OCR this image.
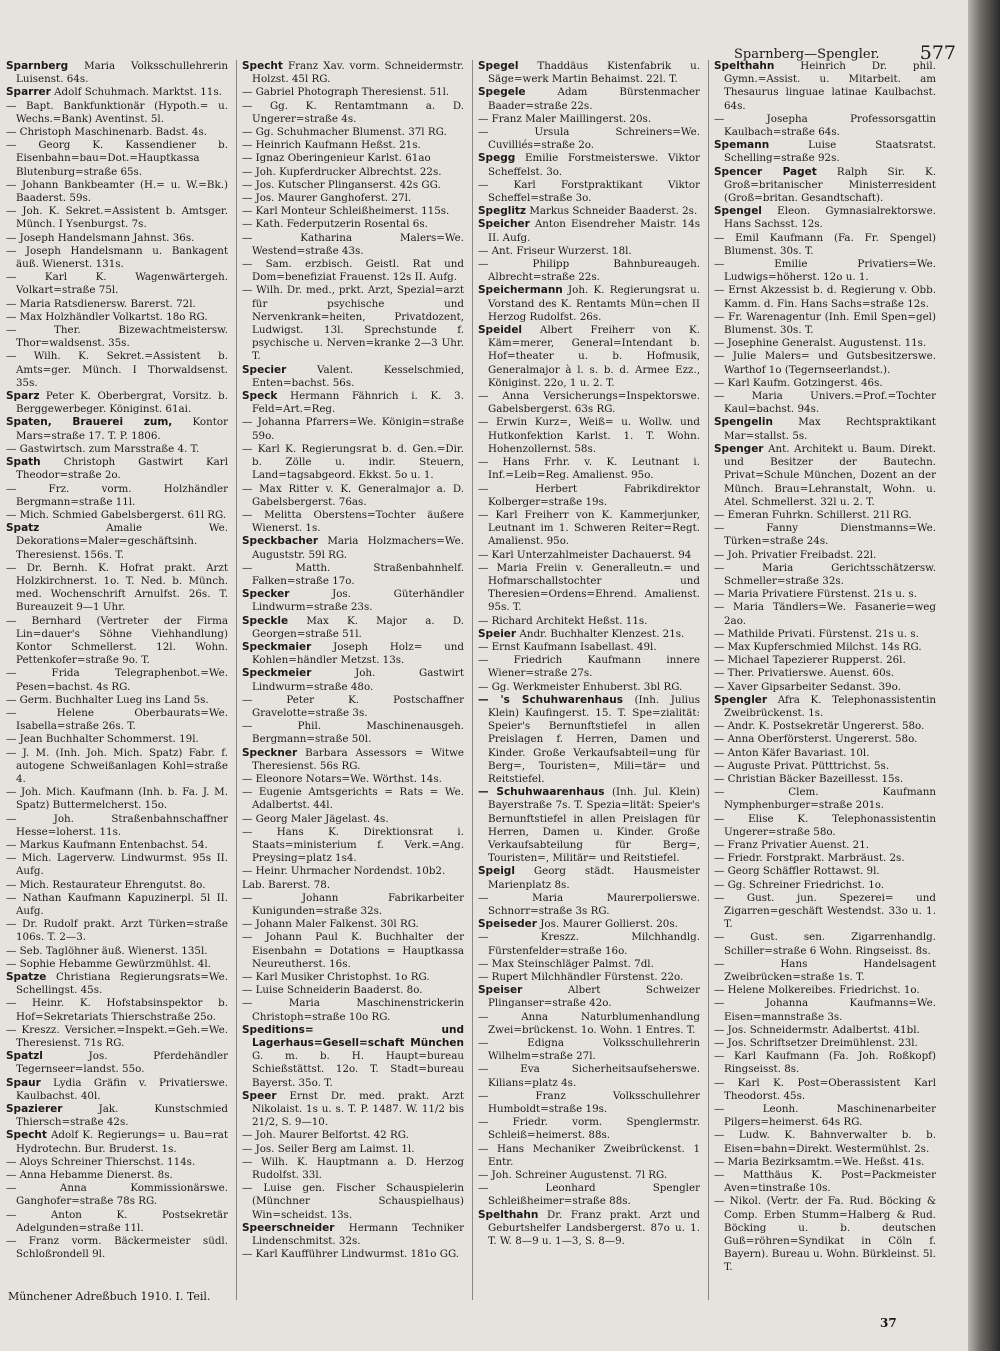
Sparnberg—Spengler. 577

Sparnberg Maria Volksschullehrerin Luisenst. 64s.

Sparrer Adolf Schuhmach. Marktst. 11s.

— Bapt. Bankfunktionär (Hypoth.= u. Wechs.=Bank) Aventinst. 5l.

— Christoph Maschinenarb. Badst. 4s.

— Georg K. Kassendiener b. Eisenbahn=bau=Dot.=Hauptkassa Blutenburg=straße 65s.

— Johann Bankbeamter (H.= u. W.=Bk.) Baaderst. 59s.

— Joh. K. Sekret.=Assistent b. Amtsger. Münch. I Ysenburgst. 7s.

— Joseph Handelsmann Jahnst. 36s.

— Joseph Handelsmann u. Bankagent äuß. Wienerst. 131s.

— Karl K. Wagenwärtergeh. Volkart=straße 75l.

— Maria Ratsdienersw. Barerst. 72l.

— Max Holzhändler Volkartst. 18o RG.

— Ther. Bizewachtmeistersw. Thor=waldsenst. 35s.

— Wilh. K. Sekret.=Assistent b. Amts=ger. Münch. I Thorwaldsenst. 35s.

Sparz Peter K. Oberbergrat, Vorsitz. b. Berggewerbeger. Königinst. 61ai.

Spaten, Brauerei zum, Kontor Mars=straße 17. T. P. 1806.

— Gastwirtsch. zum Marsstraße 4. T.

Spath Christoph Gastwirt Karl Theodor=straße 2o.

— Frz. vorm. Holzhändler Bergmann=straße 11l.

— Mich. Schmied Gabelsbergerst. 61l RG.

Spatz	Amalie We. Dekorations=Maler=geschäftsinh. Theresienst. 156s. T.

— Dr. Bernh. K. Hofrat prakt. Arzt Holzkirchnerst. 1o. T. Ned. b. Münch. med. Wochenschrift Arnulfst. 26s. T. Bureauzeit 9—1 Uhr.

— Bernhard (Vertreter der Firma Lin=dauer's Söhne Viehhandlung) Kontor Schmellerst. 12l. Wohn. Pettenkofer=straße 9o. T.

— Frida Telegraphenbot.=We. Pesen=bachst. 4s RG.

— Germ. Buchhalter Lueg ins Land 5s.

— Helene Oberbaurats=We. Isabella=straße 26s. T.

— Jean Buchhalter Schommerst. 19l.

— J. M. (Inh. Joh. Mich. Spatz) Fabr. f. autogene Schweißanlagen Kohl=straße 4.

— Joh. Mich. Kaufmann (Inh. b. Fa. J. M. Spatz) Buttermelcherst. 15o.

— Joh. Straßenbahnschaffner Hesse=loherst. 11s.

— Markus Kaufmann Entenbachst. 54.

— Mich. Lagerverw. Lindwurmst. 95s II. Aufg.

— Mich. Restaurateur Ehrengutst. 8o.

— Nathan Kaufmann Kapuzinerpl. 5l II. Aufg.

— Dr. Rudolf prakt. Arzt Türken=straße 106s. T. 2—3.

— Seb. Taglöhner äuß. Wienerst. 135l.

— Sophie Hebamme Gewürzmühlst. 4l.

Spatze Christiana Regierungsrats=We. Schellingst. 45s.

— Heinr. K. Hofstabsinspektor b. Hof=Sekretariats Thierschstraße 25o.

— Kreszz. Versicher.=Inspekt.=Geh.=We. Theresienst. 71s RG.

Spatzl	Jos. Pferdehändler Tegernseer=landst. 55o.

Spaur Lydia Gräfin v. Privatierswe. Kaulbachst. 40l.

Spazierer	Jak. Kunstschmied Thiersch=straße 42s.

Specht Adolf K. Regierungs= u. Bau=rat Hydrotechn. Bur. Bruderst. 1s.

— Aloys Schreiner Thierschst. 114s.

— Anna Hebamme Dienerst. 8s.

— Anna Kommissionärswe. Ganghofer=straße 78s RG.

— Anton K. Postsekretär Adelgunden=straße 11l.

— Franz vorm. Bäckermeister südl. Schloßrondell 9l.

Specht Franz Xav. vorm. Schneidermstr. Holzst. 45l RG.

— Gabriel Photograph Theresienst. 51l.

— Gg. K. Rentamtmann a. D. Ungerer=straße 4s.

— Gg. Schuhmacher Blumenst. 37l RG.

— Heinrich Kaufmann Heßst. 21s.

— Ignaz Oberingenieur Karlst. 61ao

— Joh. Kupferdrucker Albrechtst. 22s.

— Jos. Kutscher Plinganserst. 42s GG.

— Jos. Maurer Ganghoferst. 27l.

— Karl Monteur Schleißheimerst. 115s.

— Kath. Federputzerin Rosental 6s.

— Katharina Malers=We. Westend=straße 43s.

— Sam. erzbisch. Geistl. Rat und Dom=benefiziat Frauenst. 12s II. Aufg.

— Wilh. Dr. med., prkt. Arzt, Spezial=arzt für psychische und Nervenkrank=heiten, Privatdozent, Ludwigst. 13l. Sprechstunde f. psychische u. Nerven=kranke 2—3 Uhr. T.

Specier	Valent. Kesselschmied, Enten=bachst. 56s.

Speck Hermann Fähnrich i. K. 3. Feld=Art.=Reg.

— Johanna Pfarrers=We. Königin=straße 59o.

— Karl K. Regierungsrat b. d. Gen.=Dir. b. Zölle u. indir. Steuern, Land=tagsabgeord. Ekkst. 5o u. 1.

— Max Ritter v. K. Generalmajor a. D. Gabelsbergerst. 76as.

— Melitta Oberstens=Tochter äußere Wienerst. 1s.

Speckbacher Maria Holzmachers=We. Auguststr. 59l RG.

— Matth. Straßenbahnhelf. Falken=straße 17o.

Specker	Jos. Güterhändler Lindwurm=straße 23s.

Speckle Max K. Major a. D. Georgen=straße 51l.

Speckmaier Joseph Holz= und Kohlen=händler Metzst. 13s.

Speckmeier	Joh. Gastwirt Lindwurm=straße 48o.

— Peter K. Postschaffner Gravelotte=straße 3s.

— Phil. Maschinenausgeh. Bergmann=straße 50l.

Speckner Barbara Assessors = Witwe Theresienst. 56s RG.

— Eleonore Notars=We. Wörthst. 14s.

— Eugenie Amtsgerichts = Rats = We. Adalbertst. 44l.

— Georg Maler Jägelast. 4s.

— Hans K. Direktionsrat i. Staats=ministerium f. Verk.=Ang. Preysing=platz 1s4.

— Heinr. Uhrmacher Nordendst. 10b2.

Lab. Barerst. 78.

— Johann Fabrikarbeiter Kunigunden=straße 32s.

— Johann Maler Falkenst. 30l RG.

— Johann Paul K. Buchhalter der Eisenbahn = Dotations = Hauptkassa Neureutherst. 16s.

— Karl Musiker Christophst. 1o RG.

— Luise Schneiderin Baaderst. 8o.

— Maria Maschinenstrickerin Christoph=straße 10o RG.

Speditions= und Lagerhaus=Gesell=schaft München G. m. b. H. Haupt=bureau Schießstättst. 12o. T. Stadt=bureau Bayerst. 35o. T.

Speer Ernst Dr. med. prakt. Arzt Nikolaist. 1s u. s. T. P. 1487. W. 11/2 bis 21/2, S. 9—10.

— Joh. Maurer Belfortst. 42 RG.

— Jos. Seiler Berg am Laimst. 1l.

— Wilh. K. Hauptmann a. D. Herzog Rudolfst. 33l.

— Luise gen. Fischer Schauspielerin (Münchner Schauspielhaus) Win=scheidst. 13s.

Speerschneider Hermann Techniker Lindenschmitst. 32s.

— Karl Kaufführer Lindwurmst. 181o GG.

Spegel Thaddäus Kistenfabrik u. Säge=werk Martin Behaimst. 22l. T.

Spegele	Adam Bürstenmacher Baader=straße 22s.

— Franz Maler Maillingerst. 20s.

— Ursula Schreiners=We. Cuvilliés=straße 2o.

Spegg Emilie Forstmeisterswe. Viktor Scheffelst. 3o.

— Karl Forstpraktikant Viktor Scheffel=straße 3o.

Speglitz Markus Schneider Baaderst. 2s.

Speicher Anton Eisendreher Maistr. 14s II. Aufg.

— Ant. Friseur Wurzerst. 18l.

— Philipp Bahnbureaugeh. Albrecht=straße 22s.

Speichermann Joh. K. Regierungsrat u. Vorstand des K. Rentamts Mün=chen II Herzog Rudolfst. 26s.

Speidel Albert Freiherr von K. Käm=merer, General=Intendant b. Hof=theater u. b. Hofmusik, Generalmajor à l. s. b. d. Armee Ezz., Königinst. 22o, 1 u. 2. T.

— Anna Versicherungs=Inspektorswe. Gabelsbergerst. 63s RG.

— Erwin Kurz=, Weiß= u. Wollw. und Hutkonfektion Karlst. 1. T. Wohn. Hohenzollernst. 58s.

— Hans Frhr. v. K. Leutnant i. Inf.=Leib=Reg. Amalienst. 95o.

— Herbert Fabrikdirektor Kolberger=straße 19s.

— Karl Freiherr von K. Kammerjunker, Leutnant im 1. Schweren Reiter=Regt. Amalienst. 95o.

— Karl Unterzahlmeister Dachauerst. 94

— Maria Freiin v. Generalleutn.= und Hofmarschallstochter und Theresien=Ordens=Ehrend. Amalienst. 95s. T.

— Richard Architekt Heßst. 11s.

Speier Andr. Buchhalter Klenzest. 21s.

— Ernst Kaufmann Isabellast. 49l.

— Friedrich Kaufmann innere Wiener=straße 27s.

— Gg. Werkmeister Enhuberst. 3bl RG.

— 's Schuhwarenhaus (Inh. Julius Klein) Kaufingerst. 15. T. Spe=zialität: Speier's Bernunftstiefel in allen Preislagen f. Herren, Damen und Kinder. Große Verkaufsabteil=ung für Berg=, Touristen=, Mili=tär= und Reitstiefel.

— Schuhwaarenhaus (Inh. Jul. Klein) Bayerstraße 7s. T. Spezia=lität: Speier's Bernunftstiefel in allen Preislagen für Herren, Damen u. Kinder. Große Verkaufsabteilung für Berg=, Touristen=, Militär= und Reitstiefel.

Speigl Georg städt. Hausmeister Marienplatz 8s.

— Maria Maurerpolierswe. Schnorr=straße 3s RG.

Speiseder Jos. Maurer Gollierst. 20s.

— Kreszz. Milchhandlg. Fürstenfelder=straße 16o.

— Max Steinschläger Palmst. 7dl.

— Rupert Milchhändler Fürstenst. 22o.

Speiser	Albert Schweizer Plinganser=straße 42o.

— Anna Naturblumenhandlung Zwei=brückenst. 1o. Wohn. 1 Entres. T.

— Edigna Volksschullehrerin Wilhelm=straße 27l.

— Eva Sicherheitsaufseherswe. Kilians=platz 4s.

— Franz Volksschullehrer Humboldt=straße 19s.

— Friedr. vorm. Spenglermstr. Schleiß=heimerst. 88s.

— Hans Mechaniker Zweibrückenst. 1 Entr.

— Joh. Schreiner Augustenst. 7l RG.

— Leonhard Spengler Schleißheimer=straße 88s.

Spelthahn Dr. Franz prakt. Arzt und Geburtshelfer Landsbergerst. 87o u. 1. T. W. 8—9 u. 1—3, S. 8—9.

Spelthahn	Heinrich Dr. phil. Gymn.=Assist. u. Mitarbeit. am Thesaurus linguae latinae Kaulbachst. 64s.

— Josepha Professorsgattin Kaulbach=straße 64s.

Spemann	Luise Staatsratst. Schelling=straße 92s.

Spencer Paget Ralph Sir. K. Groß=britanischer Ministerresident (Groß=britan. Gesandtschaft).

Spengel Eleon. Gymnasialrektorswe. Hans Sachsst. 12s.

— Emil Kaufmann (Fa. Fr. Spengel) Blumenst. 30s. T.

— Emilie Privatiers=We. Ludwigs=höherst. 12o u. 1.

— Ernst Akzessist b. d. Regierung v. Obb. Kamm. d. Fin. Hans Sachs=straße 12s.

— Fr. Warenagentur (Inh. Emil Spen=gel) Blumenst. 30s. T.

— Josephine Generalst. Augustenst. 11s.

— Julie Malers= und Gutsbesitzerswe. Warthof 1o (Tegernseerlandst.).

— Karl Kaufm. Gotzingerst. 46s.

— Maria Univers.=Prof.=Tochter Kaul=bachst. 94s.

Spengelin Max Rechtspraktikant Mar=stallst. 5s.

Spenger Ant. Architekt u. Baum. Direkt. und Besitzer der Bautechn. Privat=Schule München, Dozent an der Münch. Brau=Lehranstalt, Wohn. u. Atel. Schmellerst. 32l u. 2. T.

— Emeran Fuhrkn. Schillerst. 21l RG.

— Fanny Dienstmanns=We. Türken=straße 24s.

— Joh. Privatier Freibadst. 22l.

— Maria Gerichtsschätzersw. Schmeller=straße 32s.

— Maria Privatiere Fürstenst. 21s u. s.

— Maria Tändlers=We. Fasanerie=weg 2ao.

— Mathilde Privati. Fürstenst. 21s u. s.

— Max Kupferschmied Milchst. 14s RG.

— Michael Tapezierer Rupperst. 26l.

— Ther. Privatierswe. Auenst. 60s.

— Xaver Gipsarbeiter Sedanst. 39o.

Spengler Afra K. Telephonassistentin Zweibrückenst. 1s.

— Andr. K. Postsekretär Ungererst. 58o.

— Anna Oberförsterst. Ungererst. 58o.

— Anton Käfer Bavariast. 10l.

— Auguste Privat. Pütttrichst. 5s.

— Christian Bäcker Bazeillesst. 15s.

— Clem. Kaufmann Nymphenburger=straße 201s.

— Elise K. Telephonassistentin Ungerer=straße 58o.

— Franz Privatier Auenst. 21.

— Friedr. Forstprakt. Marbräust. 2s.

— Georg Schäffler Rottawst. 9l.

— Gg. Schreiner Friedrichst. 1o.

— Gust. jun. Spezerei= und Zigarren=geschäft Westendst. 33o u. 1. T.

— Gust. sen. Zigarrenhandlg. Schiller=straße 6 Wohn. Ringseisst. 8s.

— Hans Handelsagent Zweibrücken=straße 1s. T.

— Helene Molkereibes. Friedrichst. 1o.

— Johanna Kaufmanns=We. Eisen=mannstraße 3s.

— Jos. Schneidermstr. Adalbertst. 41bl.

— Jos. Schriftsetzer Dreimühlenst. 23l.

— Karl Kaufmann (Fa. Joh. Roßkopf) Ringseisst. 8s.

— Karl K. Post=Oberassistent Karl Theodorst. 45s.

— Leonh. Maschinenarbeiter Pilgers=heimerst. 64s RG.

— Ludw. K. Bahnverwalter b. b. Eisen=bahn=Direkt. Westermühlst. 2s.

— Maria Bezirksamtm.=We. Heßst. 41s.

— Matthäus K. Post=Packmeister Aven=tinstraße 10s.

— Nikol. (Vertr. der Fa. Rud. Böcking & Comp. Erben Stumm=Halberg & Rud. Böcking u. b. deutschen Guß=röhren=Syndikat in Cöln f. Bayern). Bureau u. Wohn. Bürkleinst. 5l. T.

Münchener Adreßbuch 1910. I. Teil.
37
